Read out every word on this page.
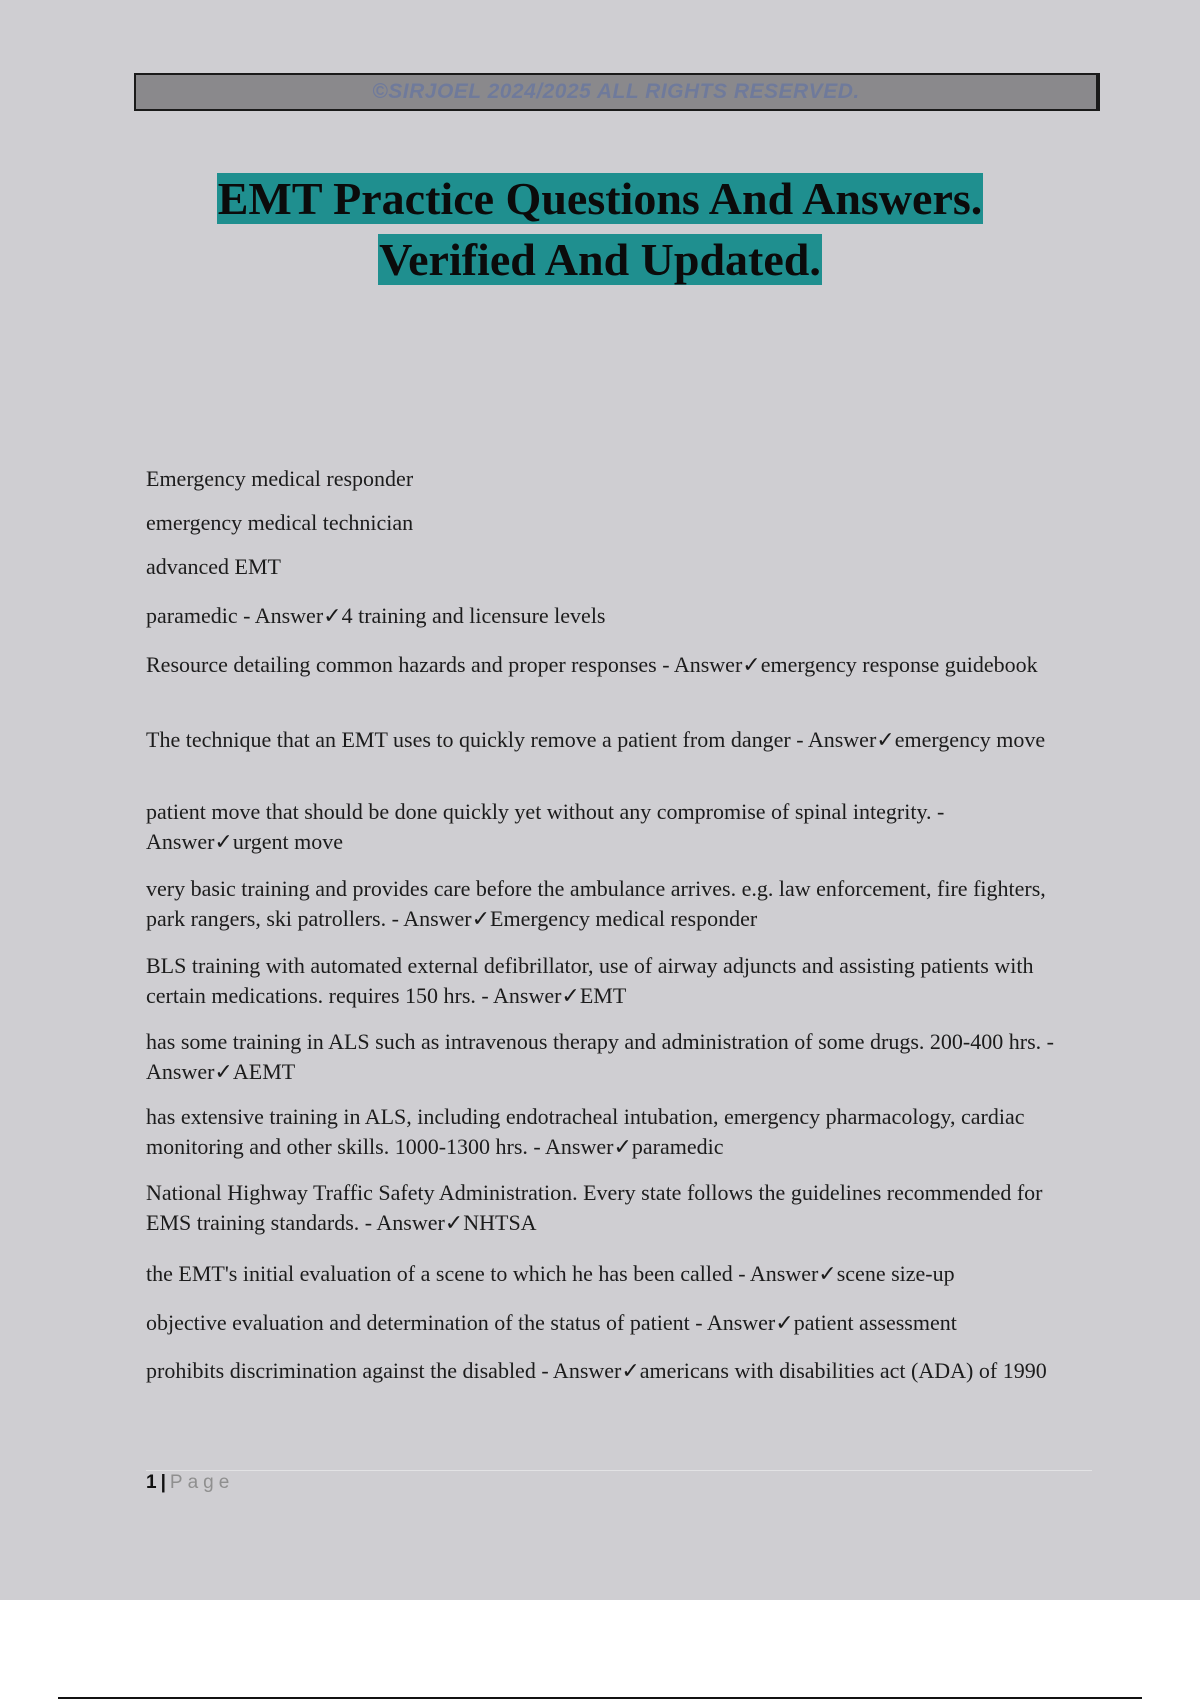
©SIRJOEL 2024/2025 ALL RIGHTS RESERVED.
EMT Practice Questions And Answers.
Verified And Updated.
Emergency medical responder
emergency medical technician
advanced EMT
paramedic - Answer✓4 training and licensure levels
Resource detailing common hazards and proper responses - Answer✓emergency response guidebook
The technique that an EMT uses to quickly remove a patient from danger - Answer✓emergency move
patient move that should be done quickly yet without any compromise of spinal integrity. - Answer✓urgent move
very basic training and provides care before the ambulance arrives. e.g. law enforcement, fire fighters, park rangers, ski patrollers. - Answer✓Emergency medical responder
BLS training with automated external defibrillator, use of airway adjuncts and assisting patients with certain medications. requires 150 hrs. - Answer✓EMT
has some training in ALS such as intravenous therapy and administration of some drugs. 200-400 hrs. - Answer✓AEMT
has extensive training in ALS, including endotracheal intubation, emergency pharmacology, cardiac monitoring and other skills. 1000-1300 hrs. - Answer✓paramedic
National Highway Traffic Safety Administration. Every state follows the guidelines recommended for EMS training standards. - Answer✓NHTSA
the EMT's initial evaluation of a scene to which he has been called - Answer✓scene size-up
objective evaluation and determination of the status of patient - Answer✓patient assessment
prohibits discrimination against the disabled - Answer✓americans with disabilities act (ADA) of 1990
1 | Page
